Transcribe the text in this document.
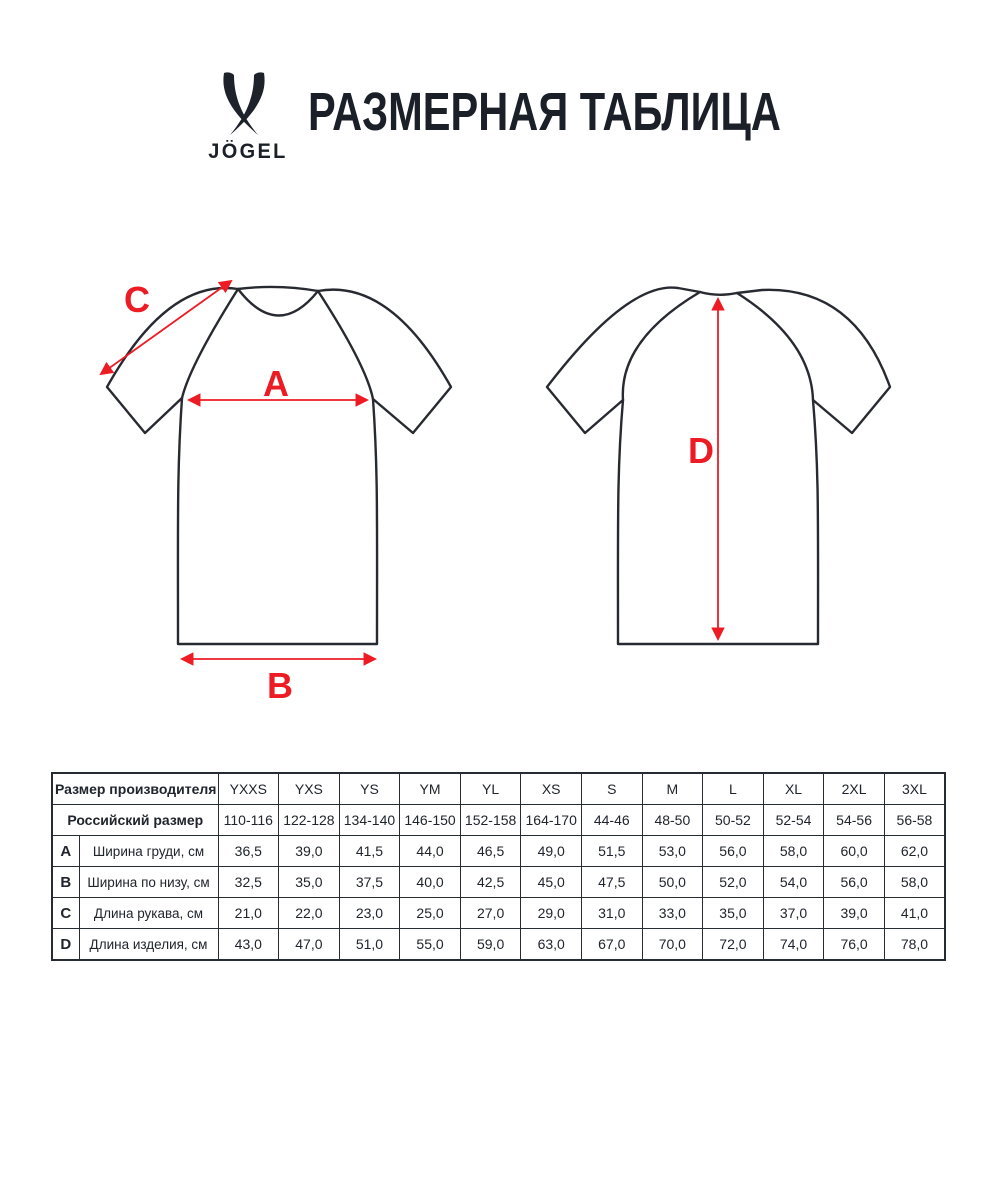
JÖGEL
РАЗМЕРНАЯ ТАБЛИЦА
A
B
C
D
Размер производителя		YXXS	YXS	YS	YM	YL	XS	S	M	L	XL	2XL	3XL
Российский размер		110-116	122-128	134-140	146-150	152-158	164-170	44-46	48-50	50-52	52-54	54-56	56-58
A	Ширина груди, см	36,5	39,0	41,5	44,0	46,5	49,0	51,5	53,0	56,0	58,0	60,0	62,0
B	Ширина по низу, см	32,5	35,0	37,5	40,0	42,5	45,0	47,5	50,0	52,0	54,0	56,0	58,0
C	Длина рукава, см	21,0	22,0	23,0	25,0	27,0	29,0	31,0	33,0	35,0	37,0	39,0	41,0
D	Длина изделия, см	43,0	47,0	51,0	55,0	59,0	63,0	67,0	70,0	72,0	74,0	76,0	78,0
